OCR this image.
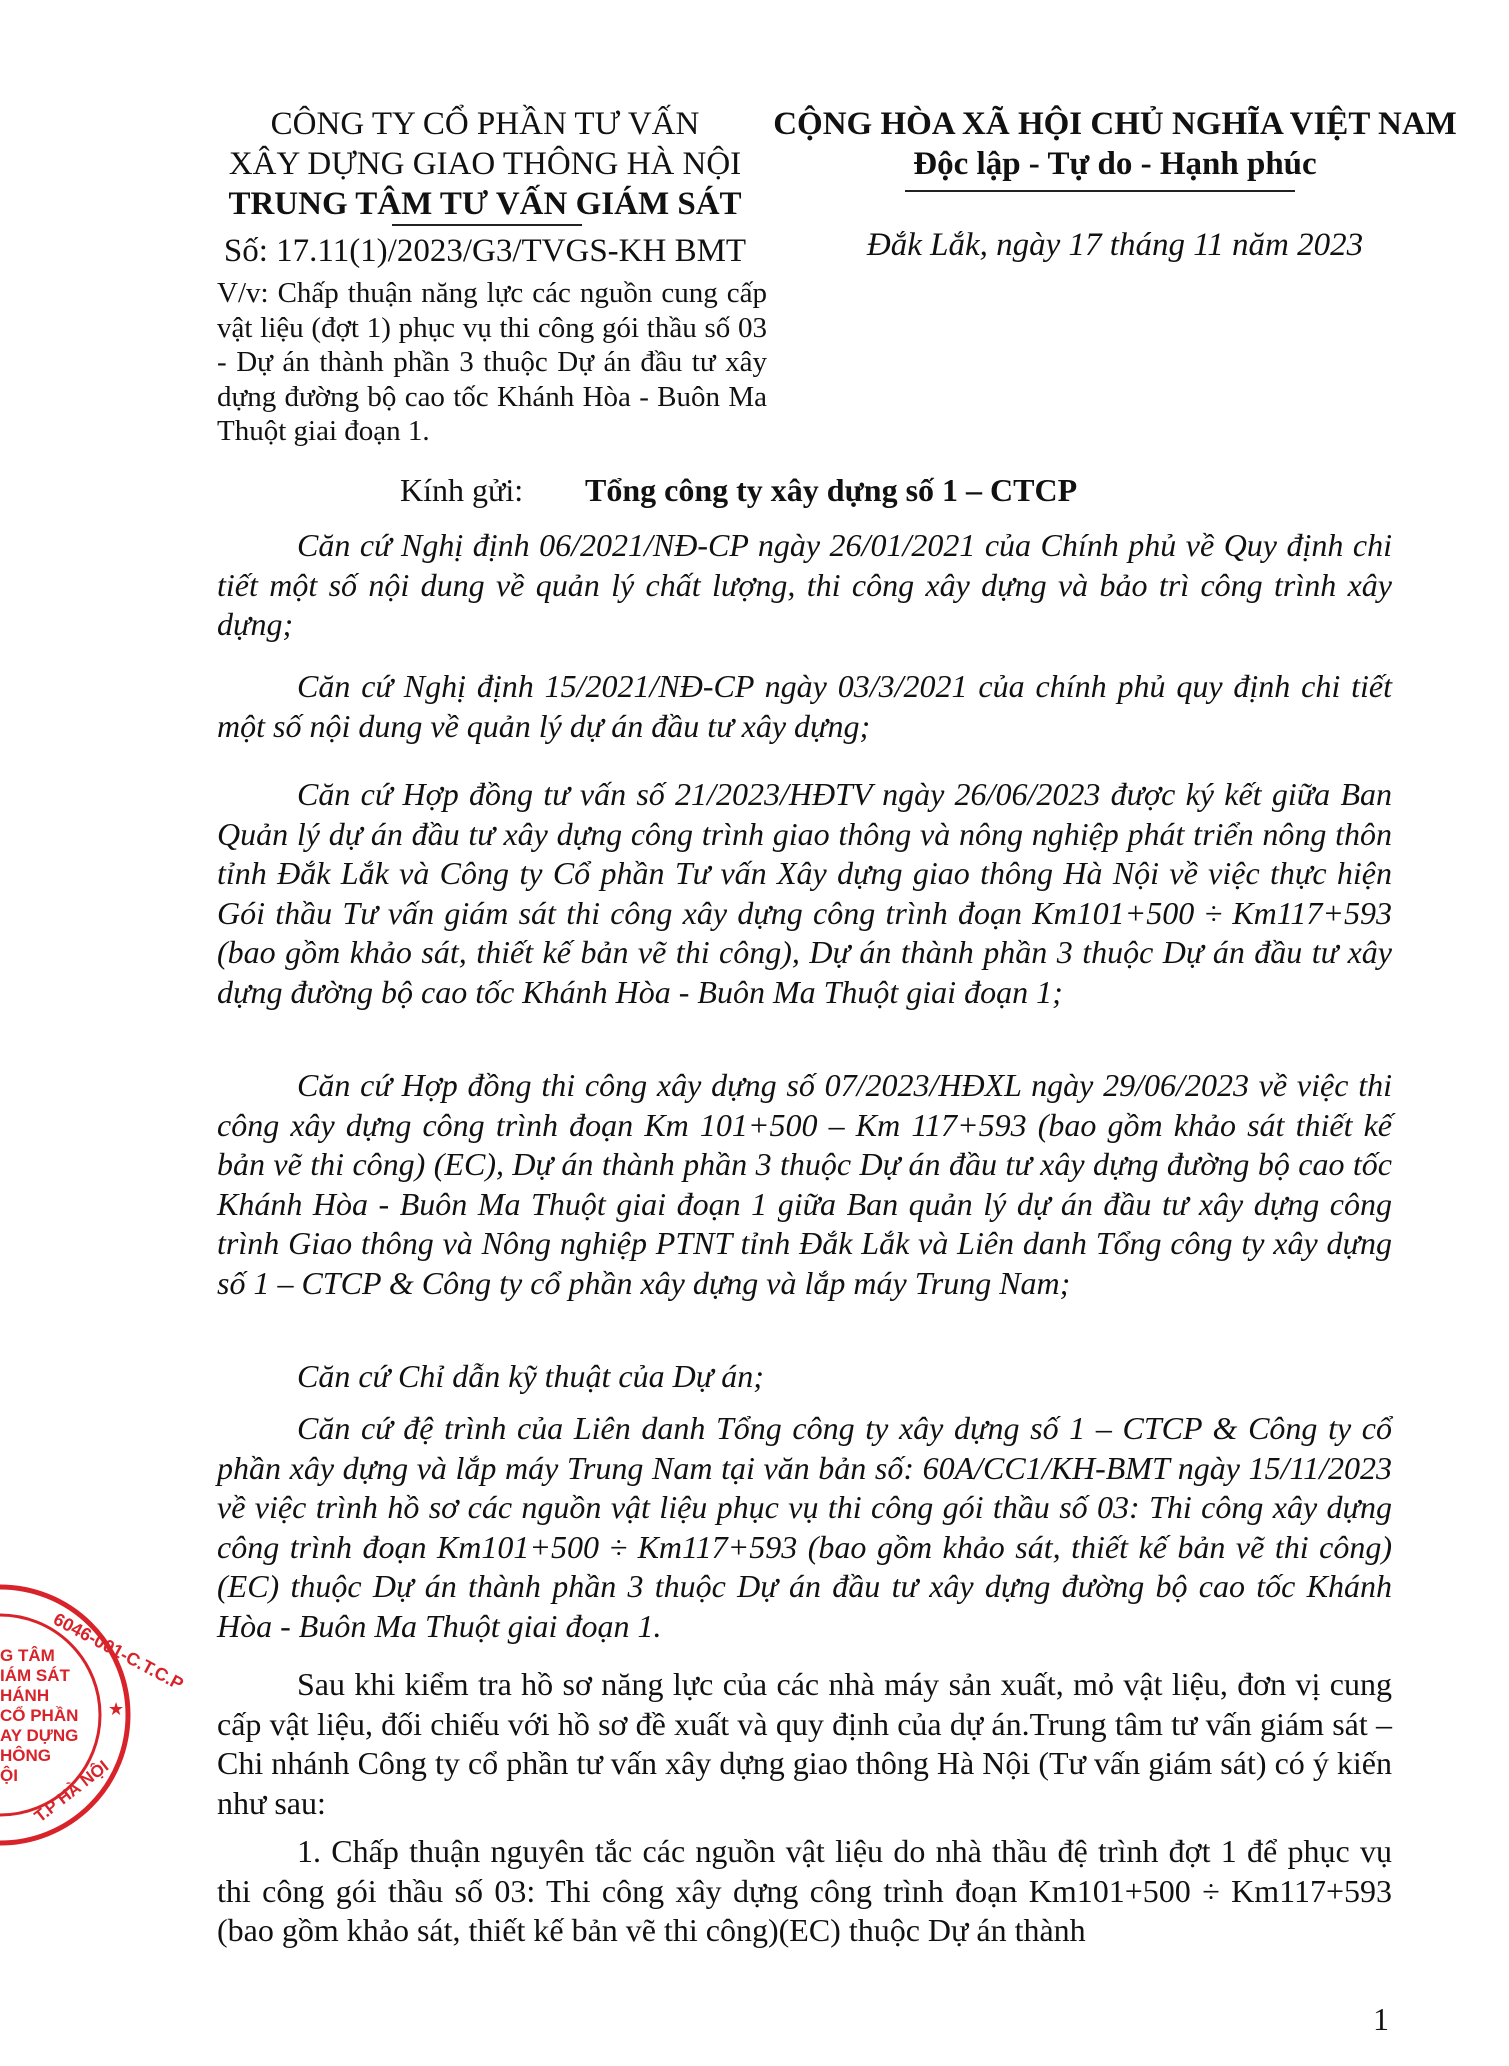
CÔNG TY CỔ PHẦN TƯ VẤN
XÂY DỰNG GIAO THÔNG HÀ NỘI
TRUNG TÂM TƯ VẤN GIÁM SÁT
Số: 17.11(1)/2023/G3/TVGS-KH BMT
CỘNG HÒA XÃ HỘI CHỦ NGHĨA VIỆT NAM
Độc lập - Tự do - Hạnh phúc
Đắk Lắk, ngày 17 tháng 11 năm 2023
V/v: Chấp thuận năng lực các nguồn cung cấp vật liệu (đợt 1) phục vụ thi công gói thầu số 03 - Dự án thành phần 3 thuộc Dự án đầu tư xây dựng đường bộ cao tốc Khánh Hòa - Buôn Ma Thuột giai đoạn 1.
Kính gửi: Tổng công ty xây dựng số 1 – CTCP
Căn cứ Nghị định 06/2021/NĐ-CP ngày 26/01/2021 của Chính phủ về Quy định chi tiết một số nội dung về quản lý chất lượng, thi công xây dựng và bảo trì công trình xây dựng;
Căn cứ Nghị định 15/2021/NĐ-CP ngày 03/3/2021 của chính phủ quy định chi tiết một số nội dung về quản lý dự án đầu tư xây dựng;
Căn cứ Hợp đồng tư vấn số 21/2023/HĐTV ngày 26/06/2023 được ký kết giữa Ban Quản lý dự án đầu tư xây dựng công trình giao thông và nông nghiệp phát triển nông thôn tỉnh Đắk Lắk và Công ty Cổ phần Tư vấn Xây dựng giao thông Hà Nội về việc thực hiện Gói thầu Tư vấn giám sát thi công xây dựng công trình đoạn Km101+500 ÷ Km117+593 (bao gồm khảo sát, thiết kế bản vẽ thi công), Dự án thành phần 3 thuộc Dự án đầu tư xây dựng đường bộ cao tốc Khánh Hòa - Buôn Ma Thuột giai đoạn 1;
Căn cứ Hợp đồng thi công xây dựng số 07/2023/HĐXL ngày 29/06/2023 về việc thi công xây dựng công trình đoạn Km 101+500 – Km 117+593 (bao gồm khảo sát thiết kế bản vẽ thi công) (EC), Dự án thành phần 3 thuộc Dự án đầu tư xây dựng đường bộ cao tốc Khánh Hòa - Buôn Ma Thuột giai đoạn 1 giữa Ban quản lý dự án đầu tư xây dựng công trình Giao thông và Nông nghiệp PTNT tỉnh Đắk Lắk và Liên danh Tổng công ty xây dựng số 1 – CTCP & Công ty cổ phần xây dựng và lắp máy Trung Nam;
Căn cứ Chỉ dẫn kỹ thuật của Dự án;
Căn cứ đệ trình của Liên danh Tổng công ty xây dựng số 1 – CTCP & Công ty cổ phần xây dựng và lắp máy Trung Nam tại văn bản số: 60A/CC1/KH-BMT ngày 15/11/2023 về việc trình hồ sơ các nguồn vật liệu phục vụ thi công gói thầu số 03: Thi công xây dựng công trình đoạn Km101+500 ÷ Km117+593 (bao gồm khảo sát, thiết kế bản vẽ thi công) (EC) thuộc Dự án thành phần 3 thuộc Dự án đầu tư xây dựng đường bộ cao tốc Khánh Hòa - Buôn Ma Thuột giai đoạn 1.
Sau khi kiểm tra hồ sơ năng lực của các nhà máy sản xuất, mỏ vật liệu, đơn vị cung cấp vật liệu, đối chiếu với hồ sơ đề xuất và quy định của dự án.Trung tâm tư vấn giám sát – Chi nhánh Công ty cổ phần tư vấn xây dựng giao thông Hà Nội (Tư vấn giám sát) có ý kiến như sau:
1. Chấp thuận nguyên tắc các nguồn vật liệu do nhà thầu đệ trình đợt 1 để phục vụ thi công gói thầu số 03: Thi công xây dựng công trình đoạn Km101+500 ÷ Km117+593 (bao gồm khảo sát, thiết kế bản vẽ thi công)(EC) thuộc Dự án thành
6046-001-C.T.C.P
★
T.P HÀ NỘI
G TÂM
IÁM SÁT
HÁNH
CỔ PHẦN
AY DỰNG
HÔNG
ỘI
1
